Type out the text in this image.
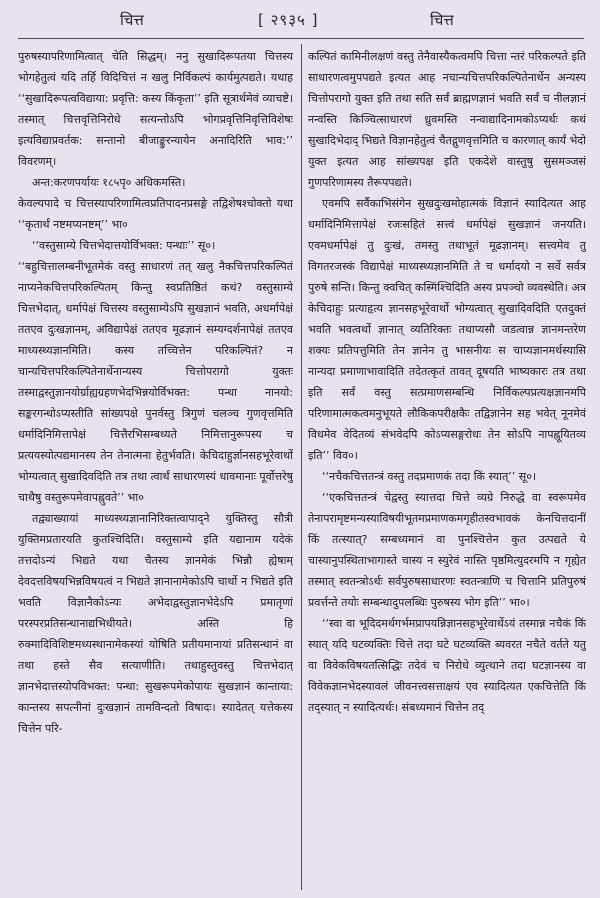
चित्त	[ २९३५ ]	चित्त

पुरुषस्यापरिणामित्वात् चेति सिद्धम्। ननु सुखादिरूपतया चित्तस्य भोगहेतुत्वं यदि तर्हि विदिचित्तं न खलु निर्विकल्पं कार्यमुत्पद्यते। यथाह ‘‘सुखादिरूपत्वविद्याया: प्रवृत्ति: कस्य किंकृता’’ इति सूत्रार्थमेवं व्याचष्टे। तस्मात् चित्तवृत्तिनिरोधे सत्यन्तोऽपि भोगप्रवृत्तिनिवृत्तिविशेषः इत्यविद्याप्रवर्तक: सन्तानो बीजाङ्कुरन्यायेन अनादिरिति भाव:’’ विवरणम्।

अन्त:करणपर्यायः १८५पृ० अधिकमस्ति।

केवल्यपादे च चित्तस्यापरिणामित्वप्रतिपादनप्रसङ्गे तद्विशेषश्चोक्तो यथा ‘‘कृतार्थं नष्टमप्यनष्टम्’’ भा०

‘‘वस्तुसाम्ये चित्तभेदात्तयोर्विभक्त: पन्थाः’’ सू०।

‘‘बहुचित्तालम्बनीभूतमेकं वस्तु साधारणं तत् खलु नैकचित्तपरिकल्पितं नाप्यनेकचित्तपरिकल्पितम् किन्तु स्वप्रतिष्ठितं कथं? वस्तुसाम्ये चित्तभेदात्, धर्मापेक्षं चित्तस्य वस्तुसाम्येऽपि सुखज्ञानं भवति, अधर्मापेक्षं ततएव दुःखज्ञानम्, अविद्यापेक्षं ततएव मूढज्ञानं सम्यग्दर्शनापेक्षं ततएव माध्यस्थ्यज्ञानमिति। कस्य तच्चित्तेन परिकल्पितं? न चान्यचित्तपरिकल्पितेनार्थेनान्यस्य चित्तोपरागो युक्तः तस्माद्वस्तुज्ञानयोर्ग्राह्यग्रहणभेदभिन्नयोर्विभक्त: पन्था नानयो: सङ्करगन्धोऽप्यस्तीति सांख्यपक्षे पुनर्वस्तु त्रिगुणं चलञ्च गुणवृत्तमिति धर्मादिनिमित्तापेक्षं चित्तैरभिसम्बध्यते निमित्तानुरूपस्य च प्रत्ययस्योत्पद्यमानस्य तेन तेनात्मना हेतुर्भवति। केचिदाहुर्ज्ञानसहभूरेवार्थो भोग्यत्वात् सुखादिवदिति तत्र तथा त्वार्थं साधारणस्यं धावमानाः पूर्वोत्तरेषु चाथैषु वस्तुरूपमेवापह्नुवते’’ भा०

तद्व्याख्यायां माध्यस्थ्यज्ञानानिरिक्तत्वापाद्ने युक्तिस्तु सौत्री युक्तिमप्रतारयति कुतश्चिदिति। वस्तुसाम्ये इति यद्यानाम यदेकं तत्तदोऽन्यं भिद्यते यथा चैतस्य ज्ञानमेकं भिन्नौ ह्येषाम् देवदत्तविषयभिन्नविषयत्वं न भिद्यते ज्ञानानामेकोऽपि चार्थो न भिद्यते इति भवति विज्ञानैकोऽन्यः अभेदाद्वस्तुज्ञानभेदेऽपि प्रमातृणां परस्परप्रतिसन्धानाद्यभिधीयते। अस्ति हि रुक्मादिविशिष्टमध्यस्थानामेकस्यां योषिति प्रतीयमानायां प्रतिसन्धानं वा तथा हस्ते सैव सत्याणीति। तथाहुस्तुवस्तु चित्तभेदात् ज्ञानभेदात्तस्योपविभक्त: पन्था: सुखरूपमेकोपायः सुखज्ञानं कान्ताया: कान्तस्य सपत्नीनां दुःखज्ञानं तामविन्दतो विषादः। स्यादेतत् यत्तेकस्य चित्तेन परि-

कल्पितं कामिनीलक्षणं वस्तु तेनैवास्यैकत्वमपि चित्ता न्तरं परिकल्पते इति साधारणत्वमुपपद्यते इत्यत आह नचान्यचित्तपरिकल्पितेनार्थेन अन्यस्य चित्तोपरागो युक्त इति तथा सति सर्वं ब्राह्मणज्ञानं भवति सर्वं च नीलज्ञानं नन्वस्ति किञ्चित्साधारणं ध्रुवमस्ति नन्वाद्यादिनामकोऽप्यर्थः कथं सुखादिभेदाद् भिद्यते विज्ञानहेतुत्वं चैतद्गुणवृत्तमिति च कारणात् कार्यं भेदो युक्त इत्यत आह सांख्यपक्ष इति एकदेशे वास्तुषु सुसमञ्जसं गुणपरिणामस्य तैरूपपद्यते।

एवमपि सर्वैकाभिसंगेन सुखदुःखमोहात्मकं विज्ञानं स्यादित्यत आह धर्मादिनिमित्तापेक्षं रजःसहितं सत्त्वं धर्मापेक्षं सुखज्ञानं जनयति। एवमधर्मापेक्षं तु दुःखं, तमस्तु तथाभूतं मूढज्ञानम्। सत्त्वमेव तु विगतरजस्कं विद्यापेक्षं माध्यस्थ्यज्ञानमिति ते च धर्मादयो न सर्वे सर्वत्र पुरुषे सन्ति। किन्तु क्वचित् कस्मिंश्चिदिति अस्य प्रपञ्चो व्यवस्थेति। अत्र केचिदाहुः प्रत्याहृत्य ज्ञानसहभूरेवार्थो भोग्यत्वात् सुखादिवदिति एतदुक्तं भवति भवत्वर्थो ज्ञानात् व्यतिरिक्तः तथाप्यसौ जडत्वान्न ज्ञानमन्तरेण शक्यः प्रतिपत्तुमिति तेन ज्ञानेन तु भासनीयः स चाप्यज्ञानमर्थस्यासि नान्यदा प्रमाणाभावादिति तदेतत्कृतं तावत् दूषयति भाष्यकारः तत्र तथा इति सर्वं वस्तु सत्प्रमाणसम्बन्धि निर्विकल्पप्रत्यक्षज्ञानमपि परिणामात्मकत्वमनुभूयते लौकिकपरीक्षकैः तद्विज्ञानेन सह भवेत् नूनमेवं विधमेव वेदितव्यं संभवेदपि कोऽप्यसङ्गरोधः तेन सोऽपि नापह्नूयितव्य इति’’ विव०।

‘‘नचैकचित्ततन्त्रं वस्तु तदप्रमाणकं तदा किं स्यात्’’ सू०।

‘‘एकचित्ततन्त्रं चेद्वस्तु स्यात्तदा चित्ते व्यग्रे निरुद्धे वा स्वरूपमेव तेनापरामृष्टमन्यस्याविषयीभूतमप्रमाणकमगृहीतस्वभावकं केनचित्तदानीं किं तत्स्यात्? सम्बध्यमानं वा पुनश्चित्तेन कुत उत्पद्यते ये चास्यानुपस्थिताभागास्ते चास्य न स्युरेवं नास्ति पृष्ठमित्युदरमपि न गृह्येत तस्मात् स्वतन्त्रोऽर्थः सर्वपुरुषसाधारणः स्वतन्त्राणि च चित्तानि प्रतिपुरुषं प्रवर्त्तन्ते तयोः सम्बन्धादुपलब्धिः पुरुषस्य भोग इति’’ भा०।

‘‘स्वा वा भूदिदमर्थगर्भमप्रापयन्निज्ञानसहभूरेवार्थेऽयं तस्मान्न नचैकं किं स्यात् यदि घटव्यक्तिः चित्ते तदा घटे घटव्यक्ति ब्यवरत नचैते वर्तते यतु वा विवेकविषयतत्सिद्धिः तदेवं च निरोधे व्युत्थाने तदा घटज्ञानस्य वा विवेकज्ञानभेदस्यावलं जीवनत्त्वसत्ताक्षयं एव स्यादित्यत एकचित्तेति किं तद्स्यात् न स्यादित्यर्थः। संबध्यमानं चित्तेन तद्
